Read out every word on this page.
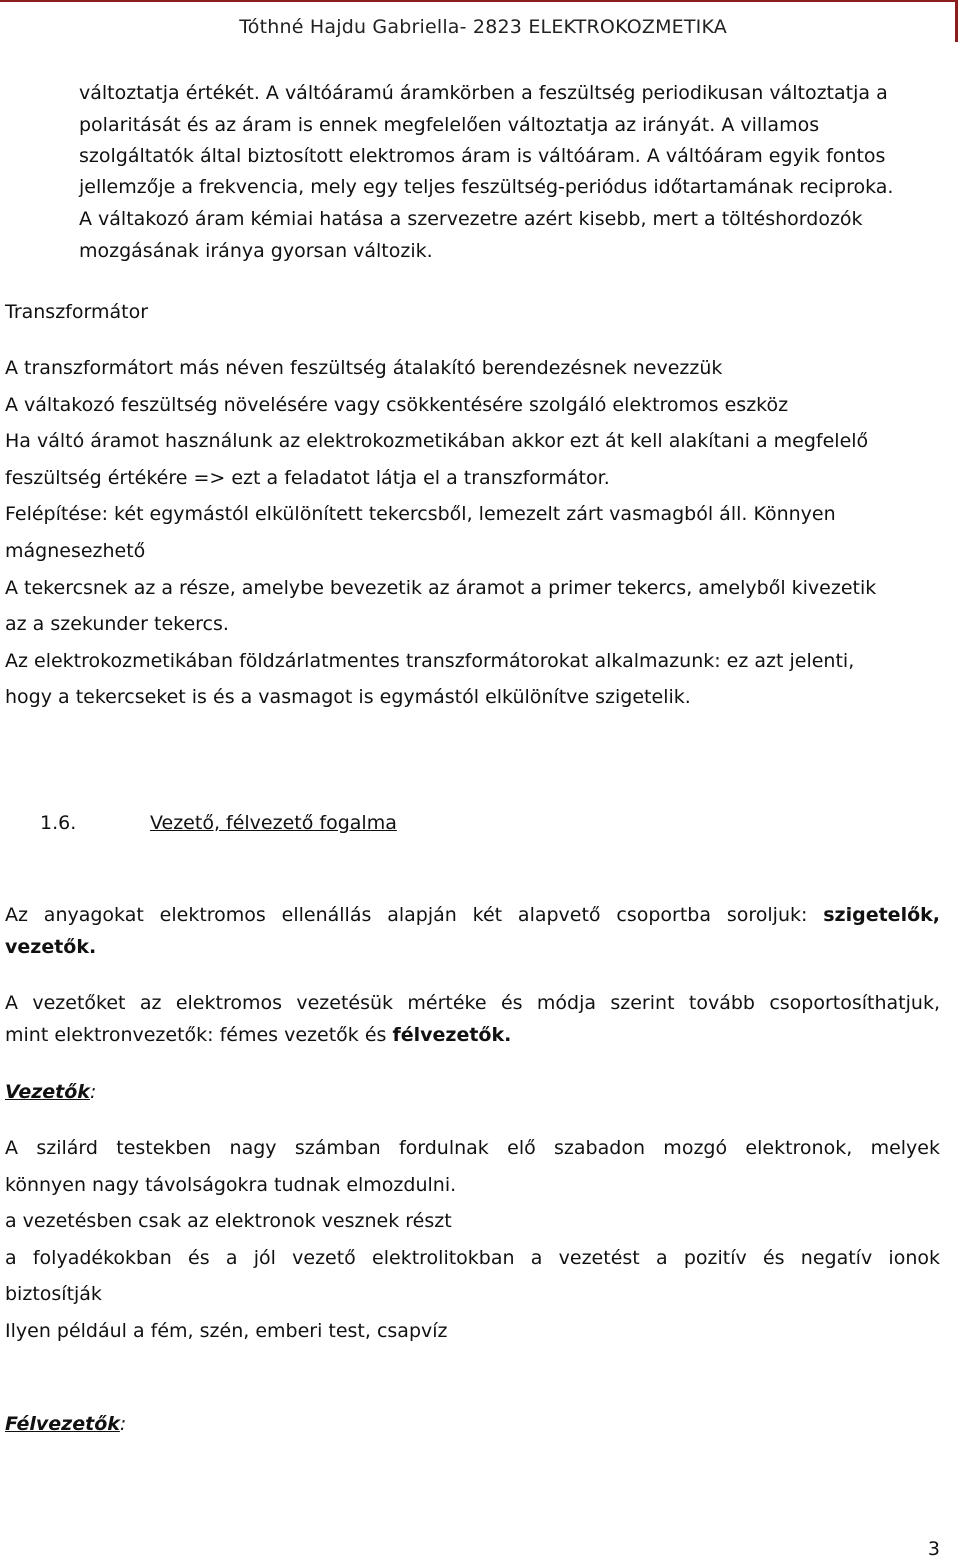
Tóthné Hajdu Gabriella- 2823 ELEKTROKOZMETIKA
változtatja értékét. A váltóáramú áramkörben a feszültség periodikusan változtatja a
polaritását és az áram is ennek megfelelően változtatja az irányát. A villamos
szolgáltatók által biztosított elektromos áram is váltóáram. A váltóáram egyik fontos
jellemzője a frekvencia, mely egy teljes feszültség-periódus időtartamának reciproka.
A váltakozó áram kémiai hatása a szervezetre azért kisebb, mert a töltéshordozók
mozgásának iránya gyorsan változik.
Transzformátor
A transzformátort más néven feszültség átalakító berendezésnek nevezzük
A váltakozó feszültség növelésére vagy csökkentésére szolgáló elektromos eszköz
Ha váltó áramot használunk az elektrokozmetikában akkor ezt át kell alakítani a megfelelő
feszültség értékére => ezt a feladatot látja el a transzformátor.
Felépítése: két egymástól elkülönített tekercsből, lemezelt zárt vasmagból áll. Könnyen
mágnesezhető
A tekercsnek az a része, amelybe bevezetik az áramot a primer tekercs, amelyből kivezetik
az a szekunder tekercs.
Az elektrokozmetikában földzárlatmentes transzformátorokat alkalmazunk: ez azt jelenti,
hogy a tekercseket is és a vasmagot is egymástól elkülönítve szigetelik.
1.6.	Vezető, félvezető fogalma
Az anyagokat elektromos ellenállás alapján két alapvető csoportba soroljuk: szigetelők,
vezetők.
A vezetőket az elektromos vezetésük mértéke és módja szerint tovább csoportosíthatjuk,
mint elektronvezetők: fémes vezetők és félvezetők.
Vezetők:
A szilárd testekben nagy számban fordulnak elő szabadon mozgó elektronok, melyek
könnyen nagy távolságokra tudnak elmozdulni.
a vezetésben csak az elektronok vesznek részt
a folyadékokban és a jól vezető elektrolitokban a vezetést a pozitív és negatív ionok
biztosítják
Ilyen például a fém, szén, emberi test, csapvíz
Félvezetők:
3
